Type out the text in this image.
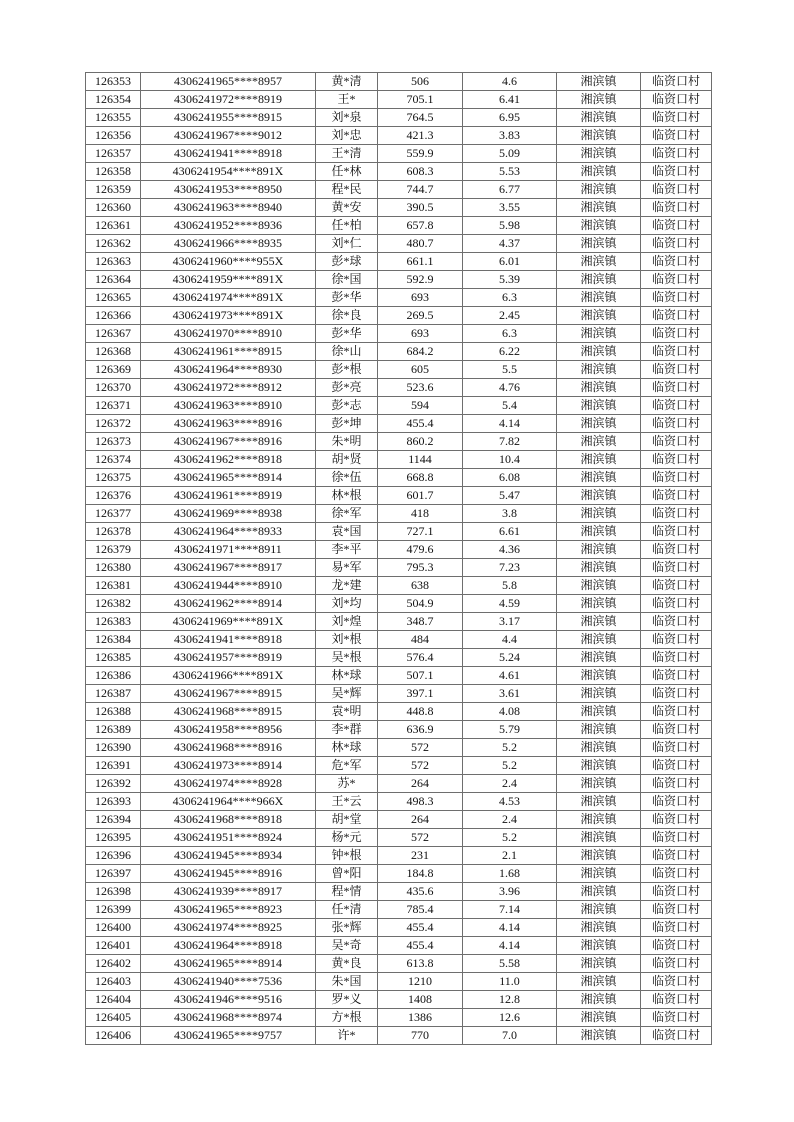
126353	4306241965****8957	黄*清	506	4.6	湘滨镇	临资口村
126354	4306241972****8919	王*	705.1	6.41	湘滨镇	临资口村
126355	4306241955****8915	刘*泉	764.5	6.95	湘滨镇	临资口村
126356	4306241967****9012	刘*忠	421.3	3.83	湘滨镇	临资口村
126357	4306241941****8918	王*清	559.9	5.09	湘滨镇	临资口村
126358	4306241954****891X	任*林	608.3	5.53	湘滨镇	临资口村
126359	4306241953****8950	程*民	744.7	6.77	湘滨镇	临资口村
126360	4306241963****8940	黄*安	390.5	3.55	湘滨镇	临资口村
126361	4306241952****8936	任*柏	657.8	5.98	湘滨镇	临资口村
126362	4306241966****8935	刘*仁	480.7	4.37	湘滨镇	临资口村
126363	4306241960****955X	彭*球	661.1	6.01	湘滨镇	临资口村
126364	4306241959****891X	徐*国	592.9	5.39	湘滨镇	临资口村
126365	4306241974****891X	彭*华	693	6.3	湘滨镇	临资口村
126366	4306241973****891X	徐*良	269.5	2.45	湘滨镇	临资口村
126367	4306241970****8910	彭*华	693	6.3	湘滨镇	临资口村
126368	4306241961****8915	徐*山	684.2	6.22	湘滨镇	临资口村
126369	4306241964****8930	彭*根	605	5.5	湘滨镇	临资口村
126370	4306241972****8912	彭*亮	523.6	4.76	湘滨镇	临资口村
126371	4306241963****8910	彭*志	594	5.4	湘滨镇	临资口村
126372	4306241963****8916	彭*坤	455.4	4.14	湘滨镇	临资口村
126373	4306241967****8916	朱*明	860.2	7.82	湘滨镇	临资口村
126374	4306241962****8918	胡*贤	1144	10.4	湘滨镇	临资口村
126375	4306241965****8914	徐*伍	668.8	6.08	湘滨镇	临资口村
126376	4306241961****8919	林*根	601.7	5.47	湘滨镇	临资口村
126377	4306241969****8938	徐*军	418	3.8	湘滨镇	临资口村
126378	4306241964****8933	袁*国	727.1	6.61	湘滨镇	临资口村
126379	4306241971****8911	李*平	479.6	4.36	湘滨镇	临资口村
126380	4306241967****8917	易*军	795.3	7.23	湘滨镇	临资口村
126381	4306241944****8910	龙*建	638	5.8	湘滨镇	临资口村
126382	4306241962****8914	刘*均	504.9	4.59	湘滨镇	临资口村
126383	4306241969****891X	刘*煌	348.7	3.17	湘滨镇	临资口村
126384	4306241941****8918	刘*根	484	4.4	湘滨镇	临资口村
126385	4306241957****8919	吴*根	576.4	5.24	湘滨镇	临资口村
126386	4306241966****891X	林*球	507.1	4.61	湘滨镇	临资口村
126387	4306241967****8915	吴*辉	397.1	3.61	湘滨镇	临资口村
126388	4306241968****8915	袁*明	448.8	4.08	湘滨镇	临资口村
126389	4306241958****8956	李*群	636.9	5.79	湘滨镇	临资口村
126390	4306241968****8916	林*球	572	5.2	湘滨镇	临资口村
126391	4306241973****8914	危*军	572	5.2	湘滨镇	临资口村
126392	4306241974****8928	苏*	264	2.4	湘滨镇	临资口村
126393	4306241964****966X	王*云	498.3	4.53	湘滨镇	临资口村
126394	4306241968****8918	胡*堂	264	2.4	湘滨镇	临资口村
126395	4306241951****8924	杨*元	572	5.2	湘滨镇	临资口村
126396	4306241945****8934	钟*根	231	2.1	湘滨镇	临资口村
126397	4306241945****8916	曾*阳	184.8	1.68	湘滨镇	临资口村
126398	4306241939****8917	程*情	435.6	3.96	湘滨镇	临资口村
126399	4306241965****8923	任*清	785.4	7.14	湘滨镇	临资口村
126400	4306241974****8925	张*辉	455.4	4.14	湘滨镇	临资口村
126401	4306241964****8918	吴*奇	455.4	4.14	湘滨镇	临资口村
126402	4306241965****8914	黄*良	613.8	5.58	湘滨镇	临资口村
126403	4306241940****7536	朱*国	1210	11.0	湘滨镇	临资口村
126404	4306241946****9516	罗*义	1408	12.8	湘滨镇	临资口村
126405	4306241968****8974	方*根	1386	12.6	湘滨镇	临资口村
126406	4306241965****9757	许*	770	7.0	湘滨镇	临资口村
